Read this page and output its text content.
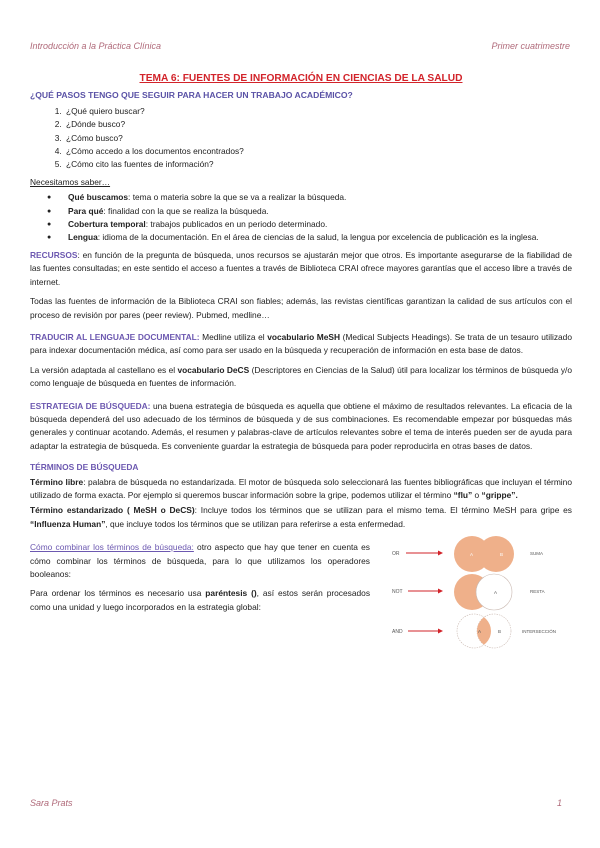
Introducción a la Práctica Clínica	Primer cuatrimestre
TEMA 6: FUENTES DE INFORMACIÓN EN CIENCIAS DE LA SALUD
¿QUÉ PASOS TENGO QUE SEGUIR PARA HACER UN TRABAJO ACADÉMICO?
1. ¿Qué quiero buscar?
2. ¿Dónde busco?
3. ¿Cómo busco?
4. ¿Cómo accedo a los documentos encontrados?
5. ¿Cómo cito las fuentes de información?
Necesitamos saber…
● Qué buscamos: tema o materia sobre la que se va a realizar la búsqueda.
● Para qué: finalidad con la que se realiza la búsqueda.
● Cobertura temporal: trabajos publicados en un periodo determinado.
● Lengua: idioma de la documentación. En el área de ciencias de la salud, la lengua por excelencia de publicación es la inglesa.

RECURSOS: en función de la pregunta de búsqueda, unos recursos se ajustarán mejor que otros. Es importante asegurarse de la fiabilidad de las fuentes consultadas; en este sentido el acceso a fuentes a través de Biblioteca CRAI ofrece mayores garantías que el acceso libre a través de internet.

Todas las fuentes de información de la Biblioteca CRAI son fiables; además, las revistas científicas garantizan la calidad de sus artículos con el proceso de revisión por pares (peer review). Pubmed, medline…

TRADUCIR AL LENGUAJE DOCUMENTAL: Medline utiliza el vocabulario MeSH (Medical Subjects Headings). Se trata de un tesauro utilizado para indexar documentación médica, así como para ser usado en la búsqueda y recuperación de información en esta base de datos.

La versión adaptada al castellano es el vocabulario DeCS (Descriptores en Ciencias de la Salud) útil para localizar los términos de búsqueda y/o como lenguaje de búsqueda en fuentes de información.

ESTRATEGIA DE BÚSQUEDA: una buena estrategia de búsqueda es aquella que obtiene el máximo de resultados relevantes. La eficacia de la búsqueda dependerá del uso adecuado de los términos de búsqueda y de sus combinaciones. Es recomendable empezar por búsquedas más generales y continuar acotando. Además, el resumen y palabras-clave de artículos relevantes sobre el tema de interés pueden ser de ayuda para adaptar la estrategia de búsqueda. Es conveniente guardar la estrategia de búsqueda para poder reproducirla en otras bases de datos.

TÉRMINOS DE BÚSQUEDA

Término libre: palabra de búsqueda no estandarizada. El motor de búsqueda solo seleccionará las fuentes bibliográficas que incluyan el término utilizado de forma exacta. Por ejemplo si queremos buscar información sobre la gripe, podemos utilizar el término “flu” o “grippe”.

Término estandarizado ( MeSH o DeCS): Incluye todos los términos que se utilizan para el mismo tema. El término MeSH para gripe es “Influenza Human”, que incluye todos los términos que se utilizan para referirse a esta enfermedad.

Cómo combinar los términos de búsqueda: otro aspecto que hay que tener en cuenta es cómo combinar los términos de búsqueda, para lo que utilizamos los operadores booleanos:

Para ordenar los términos es necesario usa paréntesis (), así estos serán procesados como una unidad y luego incorporados en la estrategia global:

OR	A	B	SUMA
NOT	A	RESTA
AND	A	B	INTERSECCIÓN
Sara Prats	1
